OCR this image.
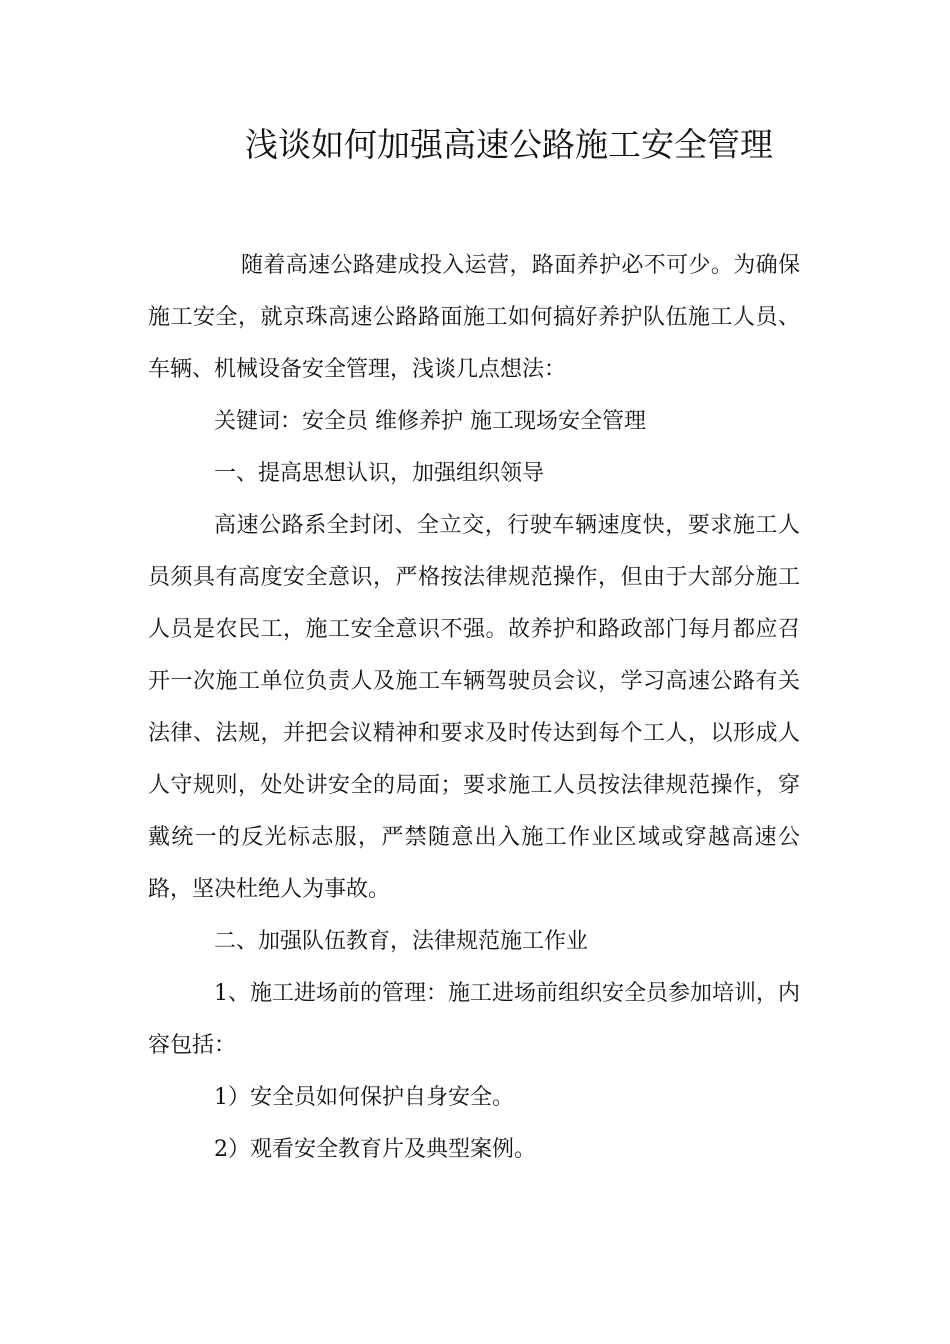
浅谈如何加强高速公路施工安全管理

随着高速公路建成投入运营，路面养护必不可少。为确保施工安全，就京珠高速公路路面施工如何搞好养护队伍施工人员、车辆、机械设备安全管理，浅谈几点想法：

关键词：安全员 维修养护 施工现场安全管理

一、提高思想认识，加强组织领导

高速公路系全封闭、全立交，行驶车辆速度快，要求施工人员须具有高度安全意识，严格按法律规范操作，但由于大部分施工人员是农民工，施工安全意识不强。故养护和路政部门每月都应召开一次施工单位负责人及施工车辆驾驶员会议，学习高速公路有关法律、法规，并把会议精神和要求及时传达到每个工人，以形成人人守规则，处处讲安全的局面；要求施工人员按法律规范操作，穿戴统一的反光标志服，严禁随意出入施工作业区域或穿越高速公路，坚决杜绝人为事故。

二、加强队伍教育，法律规范施工作业

1、施工进场前的管理：施工进场前组织安全员参加培训，内容包括：

1）安全员如何保护自身安全。

2）观看安全教育片及典型案例。
